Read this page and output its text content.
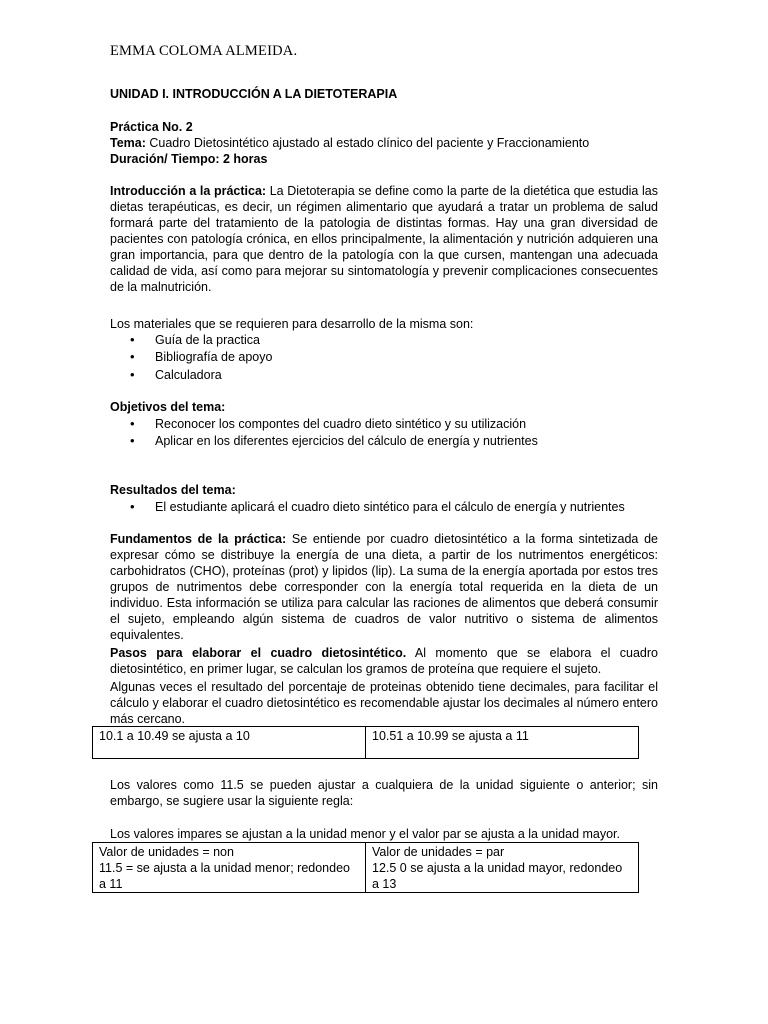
EMMA COLOMA ALMEIDA.
UNIDAD I. INTRODUCCIÓN A LA DIETOTERAPIA
Práctica No. 2
Tema: Cuadro Dietosintético ajustado al estado clínico del paciente y Fraccionamiento
Duración/ Tiempo: 2 horas
Introducción a la práctica: La Dietoterapia se define como la parte de la dietética que estudia las dietas terapéuticas, es decir, un régimen alimentario que ayudará a tratar un problema de salud formará parte del tratamiento de la patologia de distintas formas. Hay una gran diversidad de pacientes con patología crónica, en ellos principalmente, la alimentación y nutrición adquieren una gran importancia, para que dentro de la patología con la que cursen, mantengan una adecuada calidad de vida, así como para mejorar su sintomatología y prevenir complicaciones consecuentes de la malnutrición.
Los materiales que se requieren para desarrollo de la misma son:
• Guía de la practica
• Bibliografía de apoyo
• Calculadora
Objetivos del tema:
• Reconocer los compontes del cuadro dieto sintético y su utilización
• Aplicar en los diferentes ejercicios del cálculo de energía y nutrientes
Resultados del tema:
• El estudiante aplicará el cuadro dieto sintético para el cálculo de energía y nutrientes
Fundamentos de la práctica: Se entiende por cuadro dietosintético a la forma sintetizada de expresar cómo se distribuye la energía de una dieta, a partir de los nutrimentos energéticos: carbohidratos (CHO), proteínas (prot) y lipidos (lip). La suma de la energía aportada por estos tres grupos de nutrimentos debe corresponder con la energía total requerida en la dieta de un individuo. Esta información se utiliza para calcular las raciones de alimentos que deberá consumir el sujeto, empleando algún sistema de cuadros de valor nutritivo o sistema de alimentos equivalentes.
Pasos para elaborar el cuadro dietosintético. Al momento que se elabora el cuadro dietosintético, en primer lugar, se calculan los gramos de proteína que requiere el sujeto.
Algunas veces el resultado del porcentaje de proteinas obtenido tiene decimales, para facilitar el cálculo y elaborar el cuadro dietosintético es recomendable ajustar los decimales al número entero más cercano.
10.1 a 10.49 se ajusta a 10	10.51 a 10.99 se ajusta a 11
Los valores como 11.5 se pueden ajustar a cualquiera de la unidad siguiente o anterior; sin embargo, se sugiere usar la siguiente regla:
Los valores impares se ajustan a la unidad menor y el valor par se ajusta a la unidad mayor.
Valor de unidades = non
11.5 = se ajusta a la unidad menor; redondeo
a 11

Valor de unidades = par
12.5 0 se ajusta a la unidad mayor, redondeo
a 13
